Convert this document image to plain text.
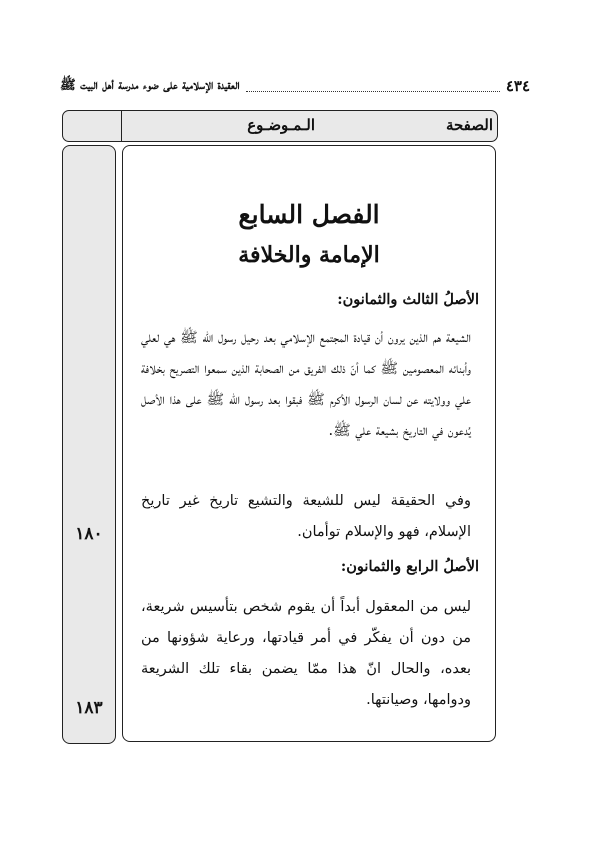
٤٣٤
العقيدة الإسلامية على ضوء مدرسة أهل البيت ﷺ
الـمـوضـوع	الصفحة
١٨٠
١٨٣
الفصل السابع
الإمامة والخلافة
الأصلُ الثالث والثمانون:
الشيعة هم الذين يرون أن قيادة المجتمع الإسلامي بعد رحيل رسول الله ﷺ هي لعلي وأبنائه المعصومين ﷺ كما أنّ ذلك الفريق من الصحابة الذين سمعوا التصريح بخلافة علي وولايته عن لسان الرسول الأكرم ﷺ فبقوا بعد رسول الله ﷺ على هذا الأصل يُدعون في التاريخ بشيعة علي ﷺ.
وفي الحقيقة ليس للشيعة والتشيع تاريخ غير تاريخ الإسلام، فهو والإسلام توأمان.
الأصلُ الرابع والثمانون:
ليس من المعقول أبداً أن يقوم شخص بتأسيس شريعة، من دون أن يفكّر في أمر قيادتها، ورعاية شؤونها من بعده، والحال انّ هذا ممّا يضمن بقاء تلك الشريعة ودوامها، وصيانتها.
